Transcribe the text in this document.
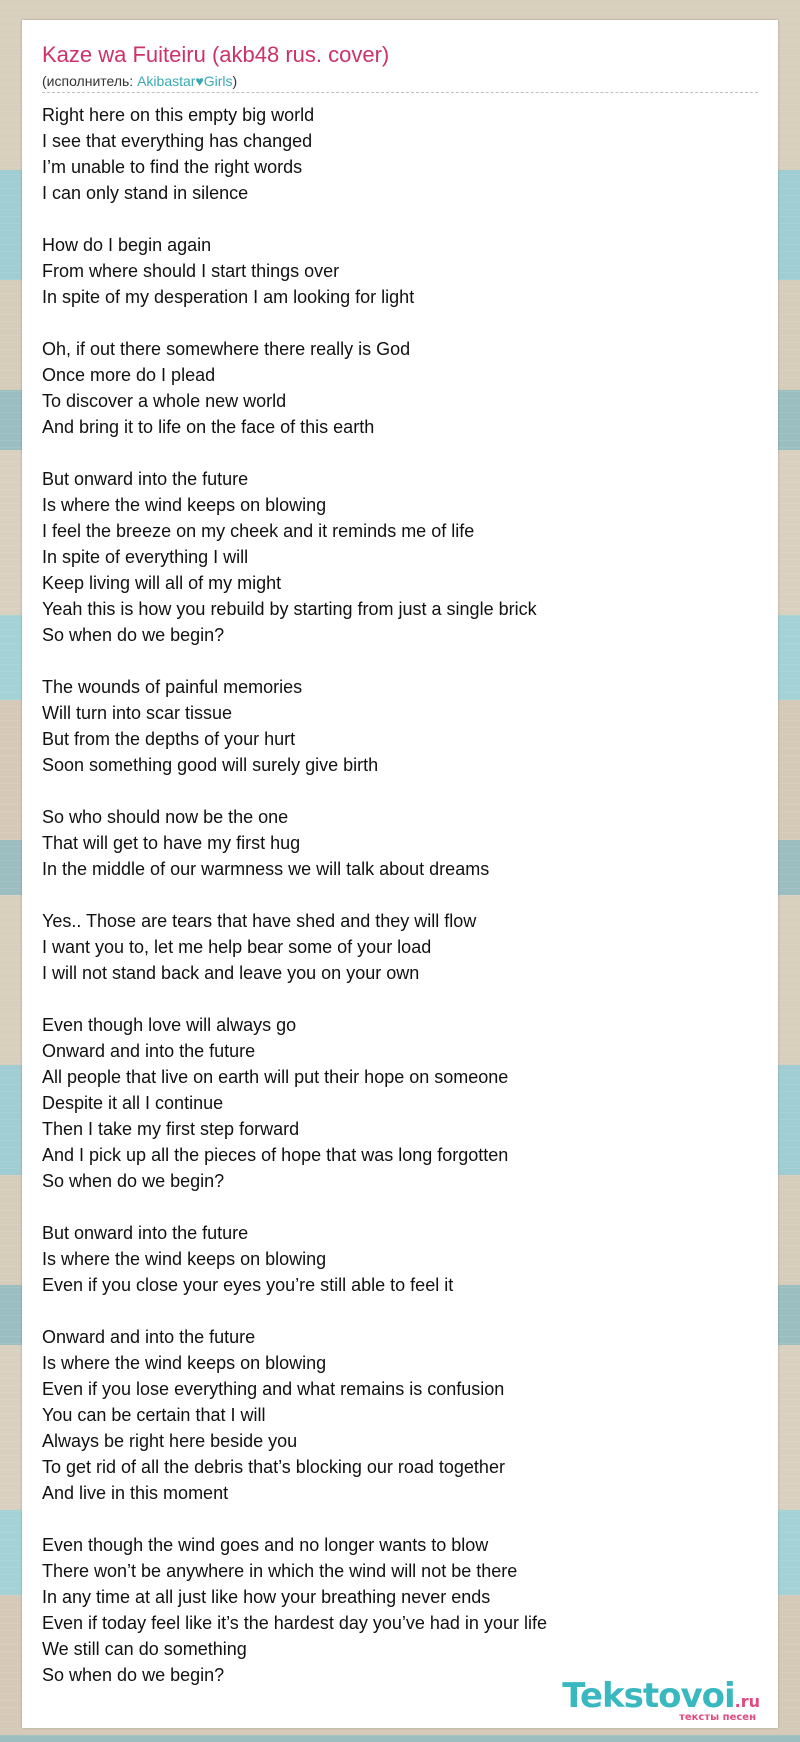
Kaze wa Fuiteiru (akb48 rus. cover)
(исполнитель: Akibastar♥Girls)
Right here on this empty big world
I see that everything has changed
I’m unable to find the right words
I can only stand in silence
How do I begin again
From where should I start things over
In spite of my desperation I am looking for light
Oh, if out there somewhere there really is God
Once more do I plead
To discover a whole new world
And bring it to life on the face of this earth
But onward into the future
Is where the wind keeps on blowing
I feel the breeze on my cheek and it reminds me of life
In spite of everything I will
Keep living will all of my might
Yeah this is how you rebuild by starting from just a single brick
So when do we begin?
The wounds of painful memories
Will turn into scar tissue
But from the depths of your hurt
Soon something good will surely give birth
So who should now be the one
That will get to have my first hug
In the middle of our warmness we will talk about dreams
Yes.. Those are tears that have shed and they will flow
I want you to, let me help bear some of your load
I will not stand back and leave you on your own
Even though love will always go
Onward and into the future
All people that live on earth will put their hope on someone
Despite it all I continue
Then I take my first step forward
And I pick up all the pieces of hope that was long forgotten
So when do we begin?
But onward into the future
Is where the wind keeps on blowing
Even if you close your eyes you’re still able to feel it
Onward and into the future
Is where the wind keeps on blowing
Even if you lose everything and what remains is confusion
You can be certain that I will
Always be right here beside you
To get rid of all the debris that’s blocking our road together
And live in this moment
Even though the wind goes and no longer wants to blow
There won’t be anywhere in which the wind will not be there
In any time at all just like how your breathing never ends
Even if today feel like it’s the hardest day you’ve had in your life
We still can do something
So when do we begin?
Tekstovoi.ru
тексты песен
